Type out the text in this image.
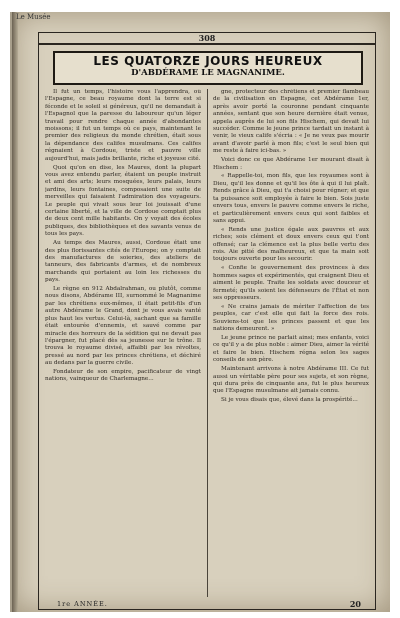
Le Musée
308
LES QUATORZE JOURS HEUREUX
D'ABDÉRAME LE MAGNANIME.

Il fut un temps, l'histoire vous l'apprendra, où l'Espagne, ce beau royaume dont la terre est si féconde et le soleil si généreux, qu'il ne demandait à l'Espagnol que la paresse du laboureur qu'un léger travail pour rendre chaque année d'abondantes moissons; il fut un temps où ce pays, maintenant le premier des religieux du monde chrétien, était sous la dépendance des califes musulmans. Ces califes régnaient à Cordoue, triste et pauvre ville aujourd'hui, mais jadis brillante, riche et joyeuse cité.

Quoi qu'on en dise, les Maures, dont la plupart vous avez entendu parler, étaient un peuple instruit et ami des arts; leurs mosquées, leurs palais, leurs jardins, leurs fontaines, composaient une suite de merveilles qui faisaient l'admiration des voyageurs. Le peuple qui vivait sous leur loi jouissait d'une certaine liberté, et la ville de Cordoue comptait plus de deux cent mille habitants. On y voyait des écoles publiques, des bibliothèques et des savants venus de tous les pays.

Au temps des Maures, aussi, Cordoue était une des plus florissantes cités de l'Europe; on y comptait des manufactures de soieries, des ateliers de tanneurs, des fabricants d'armes, et de nombreux marchands qui portaient au loin les richesses du pays.

Le règne en 912 Abdalrahman, ou plutôt, comme nous disons, Abdérame III, surnommé le Magnanime par les chrétiens eux-mêmes, il était petit-fils d'un autre Abdérame le Grand, dont je vous avais vanté plus haut les vertus. Celui-là, sachant que sa famille était entourée d'ennemis, et sauvé comme par miracle des horreurs de la sédition qui ne devait pas l'épargner, fut placé dès sa jeunesse sur le trône. Il trouva le royaume divisé, affaibli par les révoltes, pressé au nord par les princes chrétiens, et déchiré au dedans par la guerre civile.

Fondateur de son empire, pacificateur de vingt nations, vainqueur de Charlemagne...

gne, protecteur des chrétiens et premier flambeau de la civilisation en Espagne, cet Abdérame 1er, après avoir porté la couronne pendant cinquante années, sentant que son heure dernière était venue, appela auprès de lui son fils Hischem, qui devait lui succéder. Comme le jeune prince tardait un instant à venir, le vieux calife s'écria : « Je ne veux pas mourir avant d'avoir parlé à mon fils; c'est le seul bien qui me reste à faire ici-bas. »

Voici donc ce que Abdérame 1er mourant disait à Hischem :

« Rappelle-toi, mon fils, que les royaumes sont à Dieu, qu'il les donne et qu'il les ôte à qui il lui plaît. Rends grâce à Dieu, qui t'a choisi pour régner; et que ta puissance soit employée à faire le bien. Sois juste envers tous, envers le pauvre comme envers le riche, et particulièrement envers ceux qui sont faibles et sans appui.

« Rends une justice égale aux pauvres et aux riches; sois clément et doux envers ceux qui t'ont offensé; car la clémence est la plus belle vertu des rois. Aie pitié des malheureux, et que ta main soit toujours ouverte pour les secourir.

« Confie le gouvernement des provinces à des hommes sages et expérimentés, qui craignent Dieu et aiment le peuple. Traite les soldats avec douceur et fermeté; qu'ils soient les défenseurs de l'État et non ses oppresseurs.

« Ne crains jamais de mériter l'affection de tes peuples, car c'est elle qui fait la force des rois. Souviens-toi que les princes passent et que les nations demeurent. »

Le jeune prince ne parlait ainsi; mes enfants, voici ce qu'il y a de plus noble : aimer Dieu, aimer la vérité et faire le bien. Hischem régna selon les sages conseils de son père.

Maintenant arrivons à notre Abdérame III. Ce fut aussi un véritable père pour ses sujets, et son règne, qui dura près de cinquante ans, fut le plus heureux que l'Espagne musulmane ait jamais connu.

Si je vous disais que, élevé dans la prospérité...

1re ANNÉE.	20
